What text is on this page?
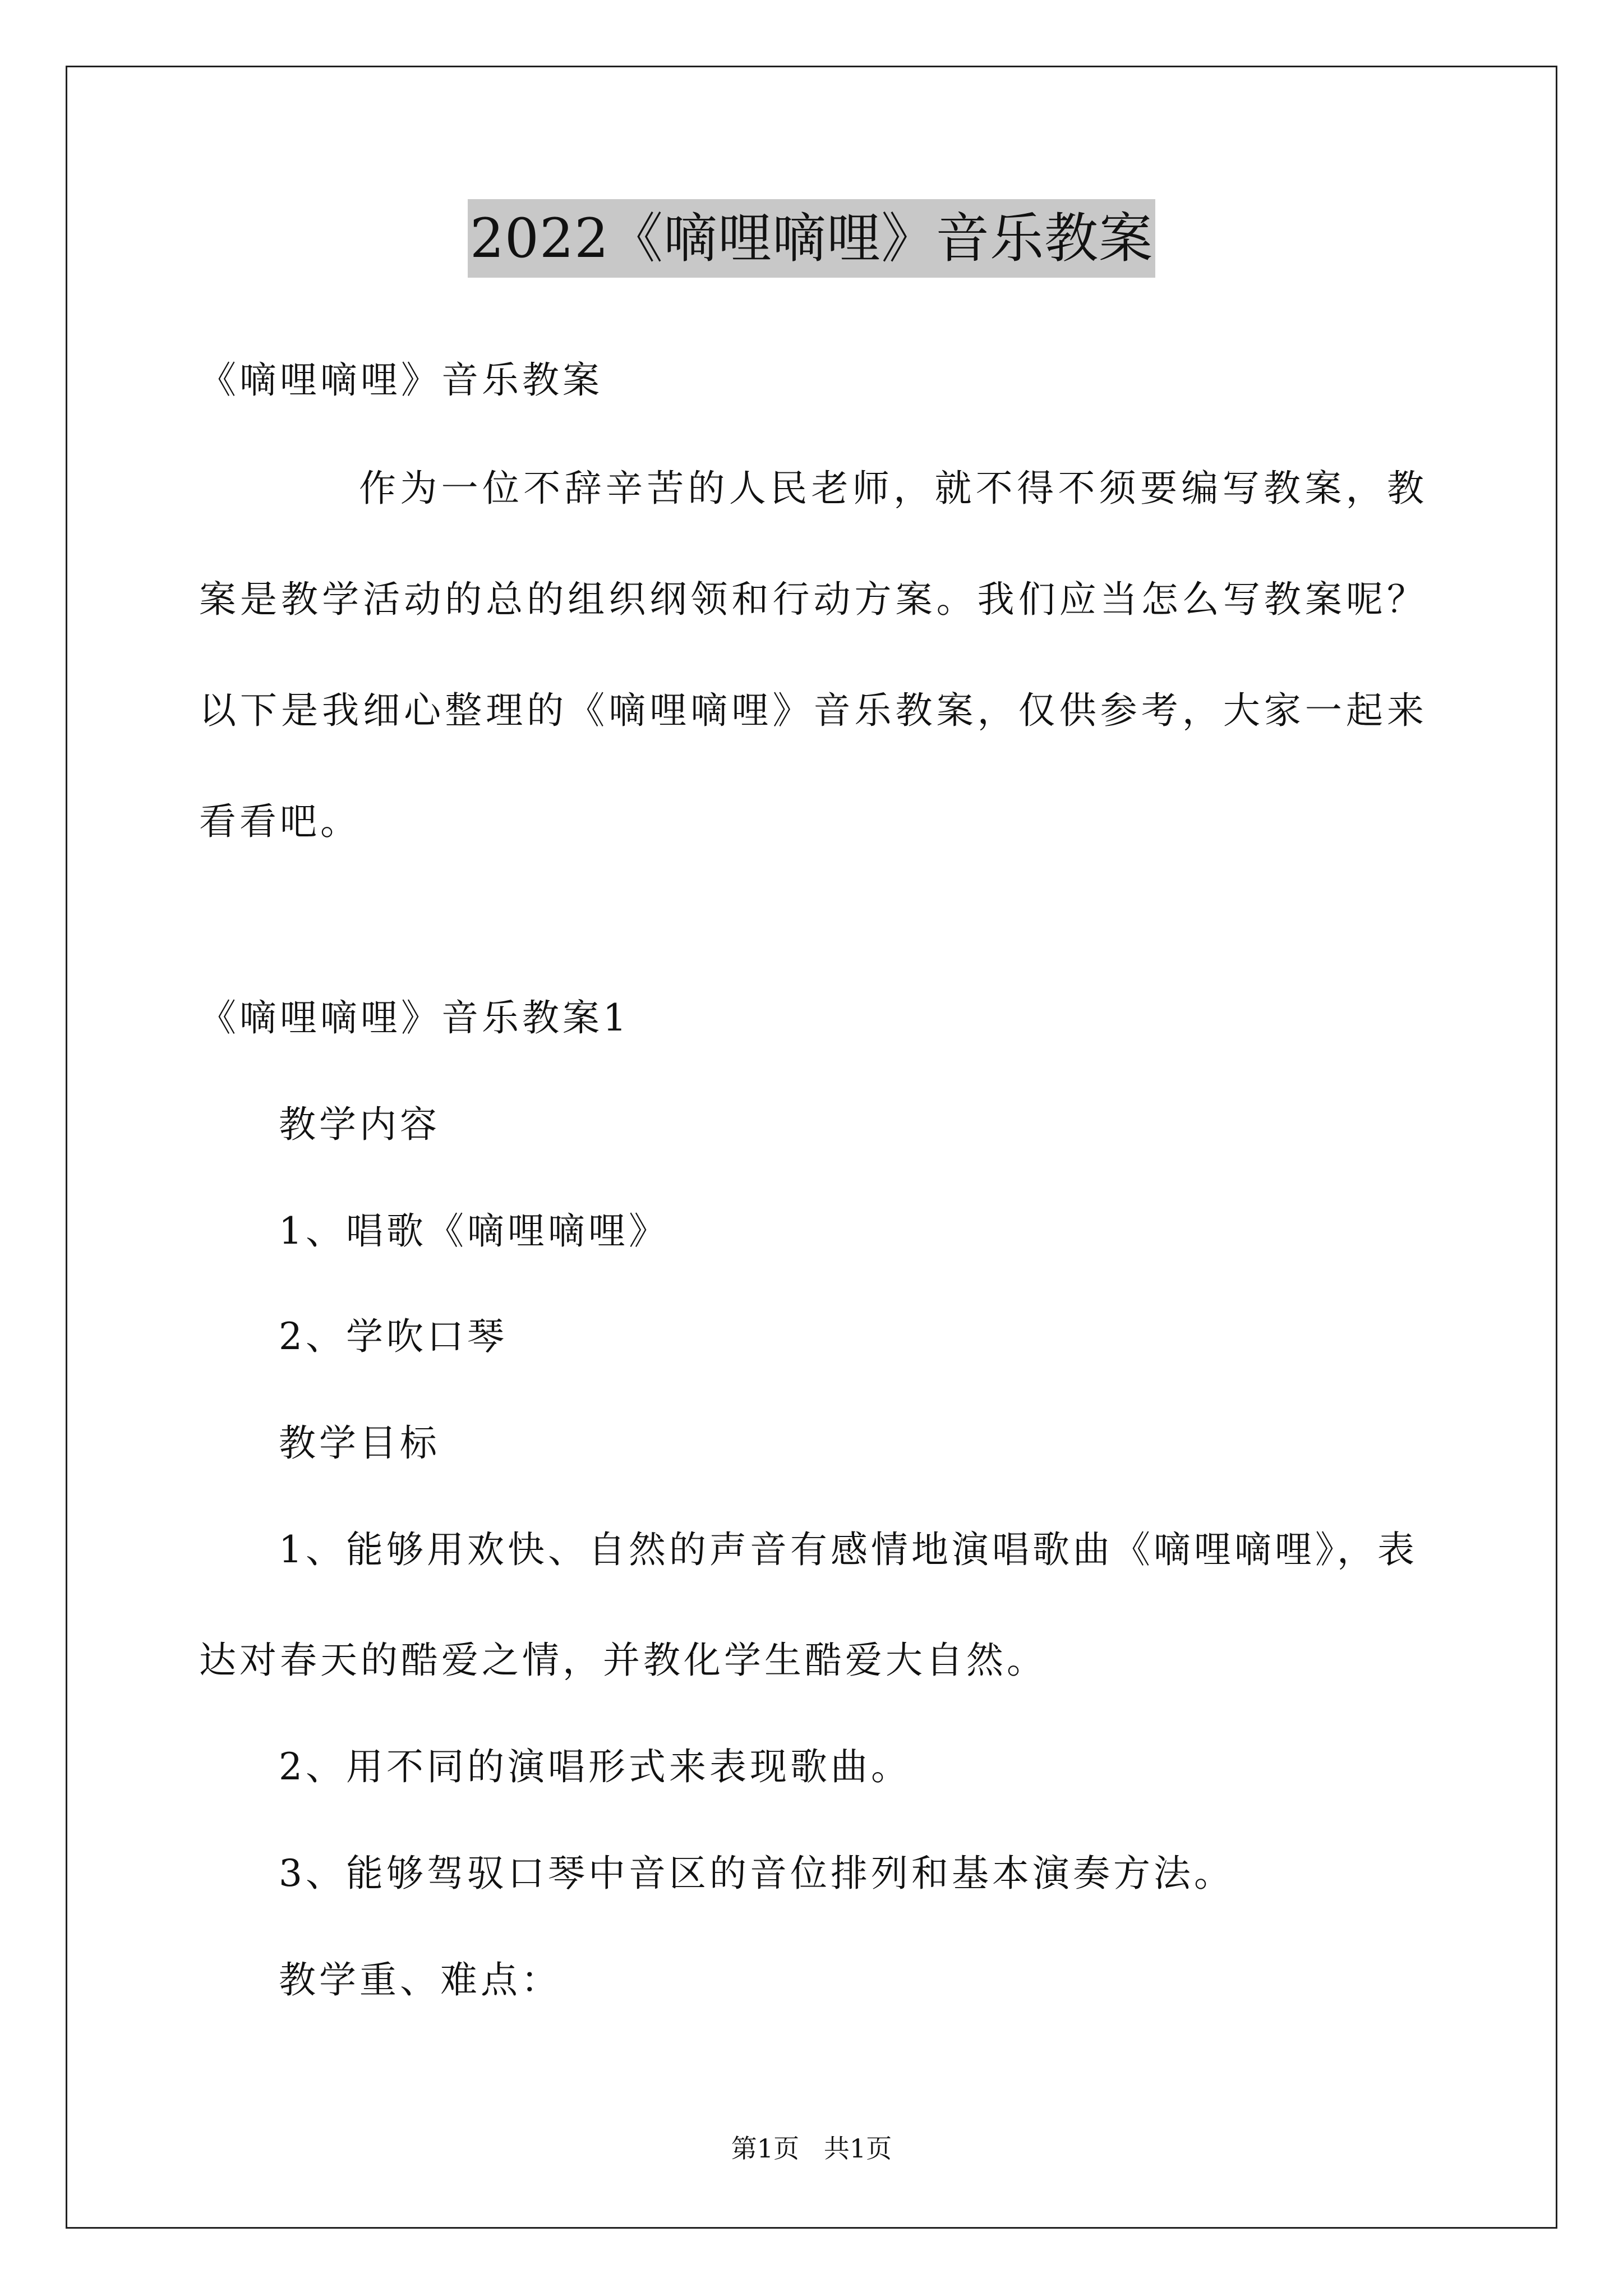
2022《嘀哩嘀哩》音乐教案
《嘀哩嘀哩》音乐教案
作为一位不辞辛苦的人民老师，就不得不须要编写教案，教案是教学活动的总的组织纲领和行动方案。我们应当怎么写教案呢？以下是我细心整理的《嘀哩嘀哩》音乐教案，仅供参考，大家一起来看看吧。
《嘀哩嘀哩》音乐教案1
教学内容
1、唱歌《嘀哩嘀哩》
2、学吹口琴
教学目标
1、能够用欢快、自然的声音有感情地演唱歌曲《嘀哩嘀哩》，表
达对春天的酷爱之情，并教化学生酷爱大自然。
2、用不同的演唱形式来表现歌曲。
3、能够驾驭口琴中音区的音位排列和基本演奏方法。
教学重、难点：
第1页   共1页
